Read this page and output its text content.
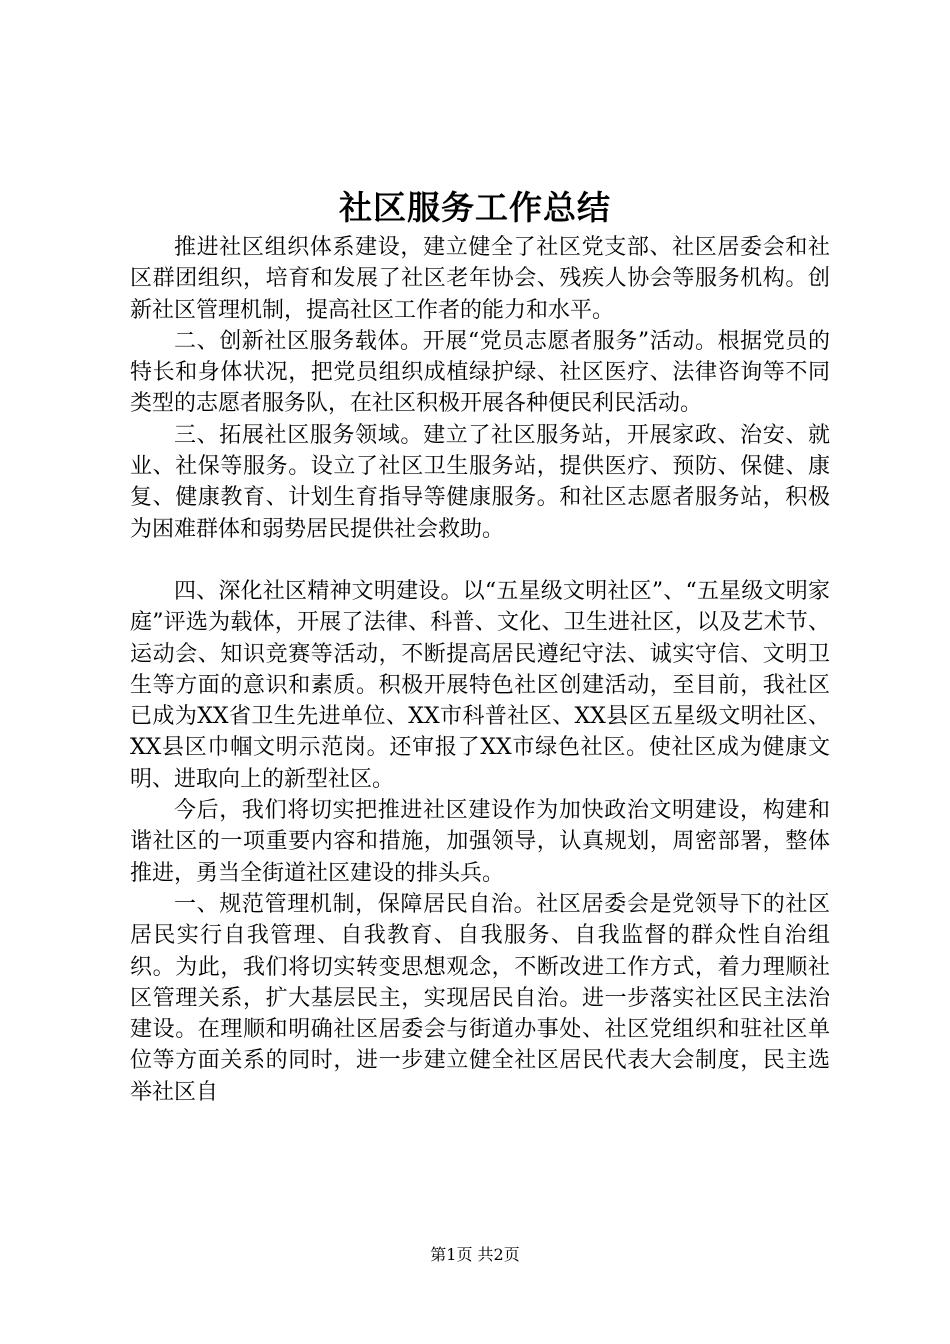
社区服务工作总结

推进社区组织体系建设，建立健全了社区党支部、社区居委会和社区群团组织，培育和发展了社区老年协会、残疾人协会等服务机构。创新社区管理机制，提高社区工作者的能力和水平。

二、创新社区服务载体。开展“党员志愿者服务”活动。根据党员的特长和身体状况，把党员组织成植绿护绿、社区医疗、法律咨询等不同类型的志愿者服务队，在社区积极开展各种便民利民活动。

三、拓展社区服务领域。建立了社区服务站，开展家政、治安、就业、社保等服务。设立了社区卫生服务站，提供医疗、预防、保健、康复、健康教育、计划生育指导等健康服务。和社区志愿者服务站，积极为困难群体和弱势居民提供社会救助。

四、深化社区精神文明建设。以“五星级文明社区”、“五星级文明家庭”评选为载体，开展了法律、科普、文化、卫生进社区，以及艺术节、运动会、知识竞赛等活动，不断提高居民遵纪守法、诚实守信、文明卫生等方面的意识和素质。积极开展特色社区创建活动，至目前，我社区已成为XX省卫生先进单位、XX市科普社区、XX县区五星级文明社区、XX县区巾帼文明示范岗。还审报了XX市绿色社区。使社区成为健康文明、进取向上的新型社区。

今后，我们将切实把推进社区建设作为加快政治文明建设，构建和谐社区的一项重要内容和措施，加强领导，认真规划，周密部署，整体推进，勇当全街道社区建设的排头兵。

一、规范管理机制，保障居民自治。社区居委会是党领导下的社区居民实行自我管理、自我教育、自我服务、自我监督的群众性自治组织。为此，我们将切实转变思想观念，不断改进工作方式，着力理顺社区管理关系，扩大基层民主，实现居民自治。进一步落实社区民主法治建设。在理顺和明确社区居委会与街道办事处、社区党组织和驻社区单位等方面关系的同时，进一步建立健全社区居民代表大会制度，民主选举社区自

第1页 共2页
